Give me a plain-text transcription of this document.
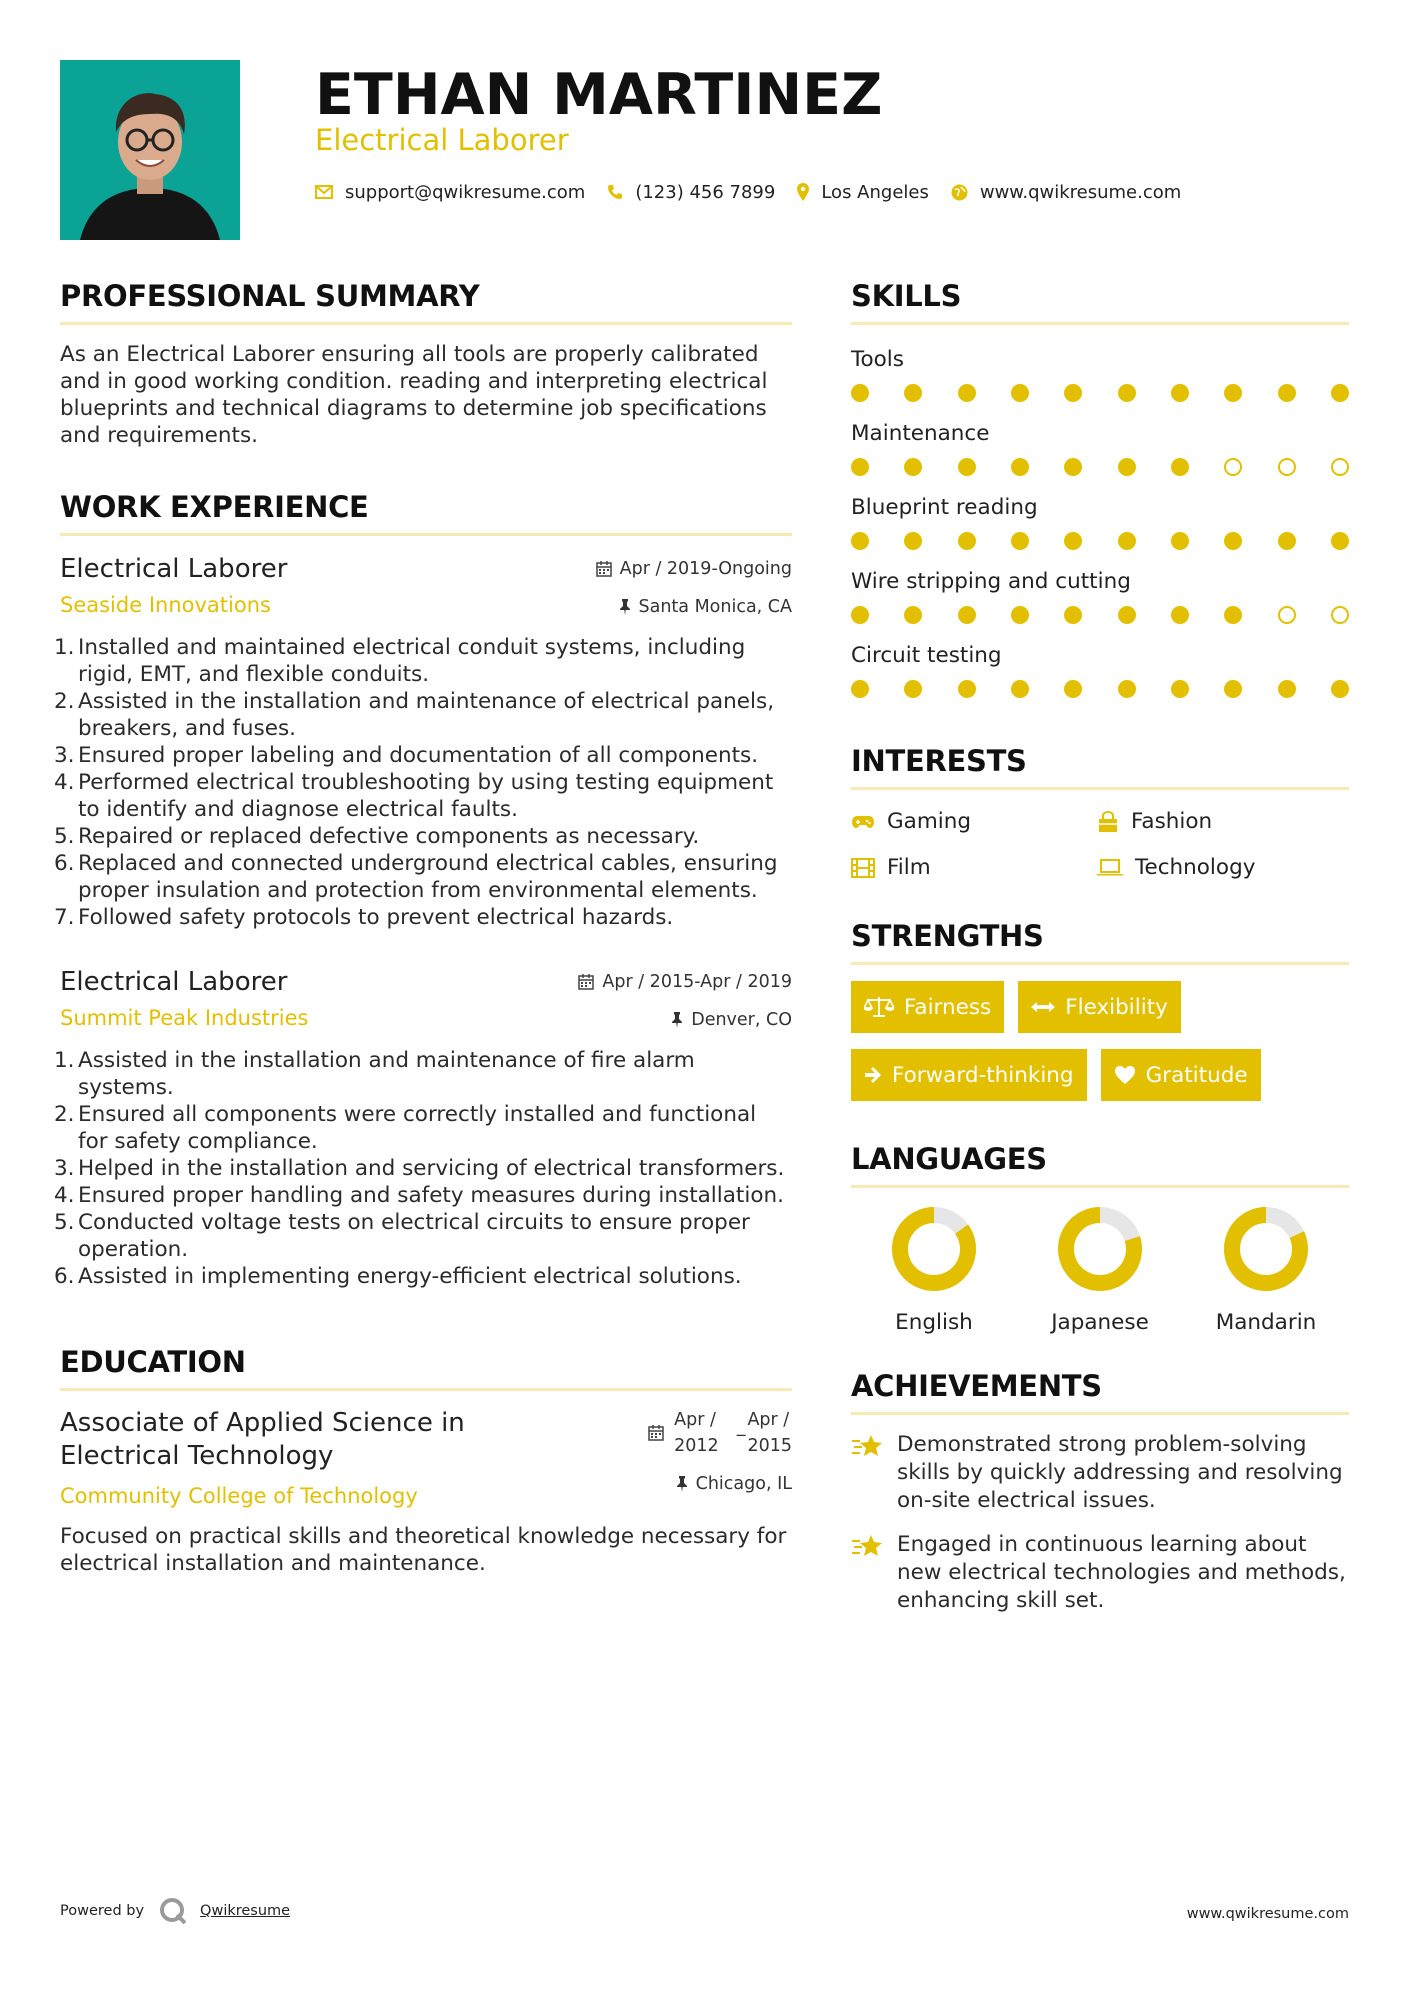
ETHAN MARTINEZ
Electrical Laborer
support@qwikresume.com	(123) 456 7899	Los Angeles	www.qwikresume.com
PROFESSIONAL SUMMARY

As an Electrical Laborer ensuring all tools are properly calibrated and in good working condition. reading and interpreting electrical blueprints and technical diagrams to determine job specifications and requirements.

WORK EXPERIENCE
Electrical Laborer
Seaside Innovations
Apr / 2019-Ongoing
Santa Monica, CA
1. Installed and maintained electrical conduit systems, including rigid, EMT, and flexible conduits.
2. Assisted in the installation and maintenance of electrical panels, breakers, and fuses.
3. Ensured proper labeling and documentation of all components.
4. Performed electrical troubleshooting by using testing equipment to identify and diagnose electrical faults.
5. Repaired or replaced defective components as necessary.
6. Replaced and connected underground electrical cables, ensuring proper insulation and protection from environmental elements.
7. Followed safety protocols to prevent electrical hazards.
Electrical Laborer
Summit Peak Industries
Apr / 2015-Apr / 2019
Denver, CO
1. Assisted in the installation and maintenance of fire alarm systems.
2. Ensured all components were correctly installed and functional for safety compliance.
3. Helped in the installation and servicing of electrical transformers.
4. Ensured proper handling and safety measures during installation.
5. Conducted voltage tests on electrical circuits to ensure proper operation.
6. Assisted in implementing energy-efficient electrical solutions.
EDUCATION
Associate of Applied Science in Electrical Technology
Community College of Technology
Apr /
2012
_ Apr /
2015
Chicago, IL

Focused on practical skills and theoretical knowledge necessary for electrical installation and maintenance.

SKILLS
Tools
Maintenance
Blueprint reading
Wire stripping and cutting
Circuit testing
INTERESTS
Gaming	Fashion
Film	Technology
STRENGTHS
Fairness	Flexibility
Forward-thinking	Gratitude
LANGUAGES
English	Japanese	Mandarin
ACHIEVEMENTS
Demonstrated strong problem-solving skills by quickly addressing and resolving on-site electrical issues.
Engaged in continuous learning about new electrical technologies and methods, enhancing skill set.
Powered by	Qwikresume	www.qwikresume.com
